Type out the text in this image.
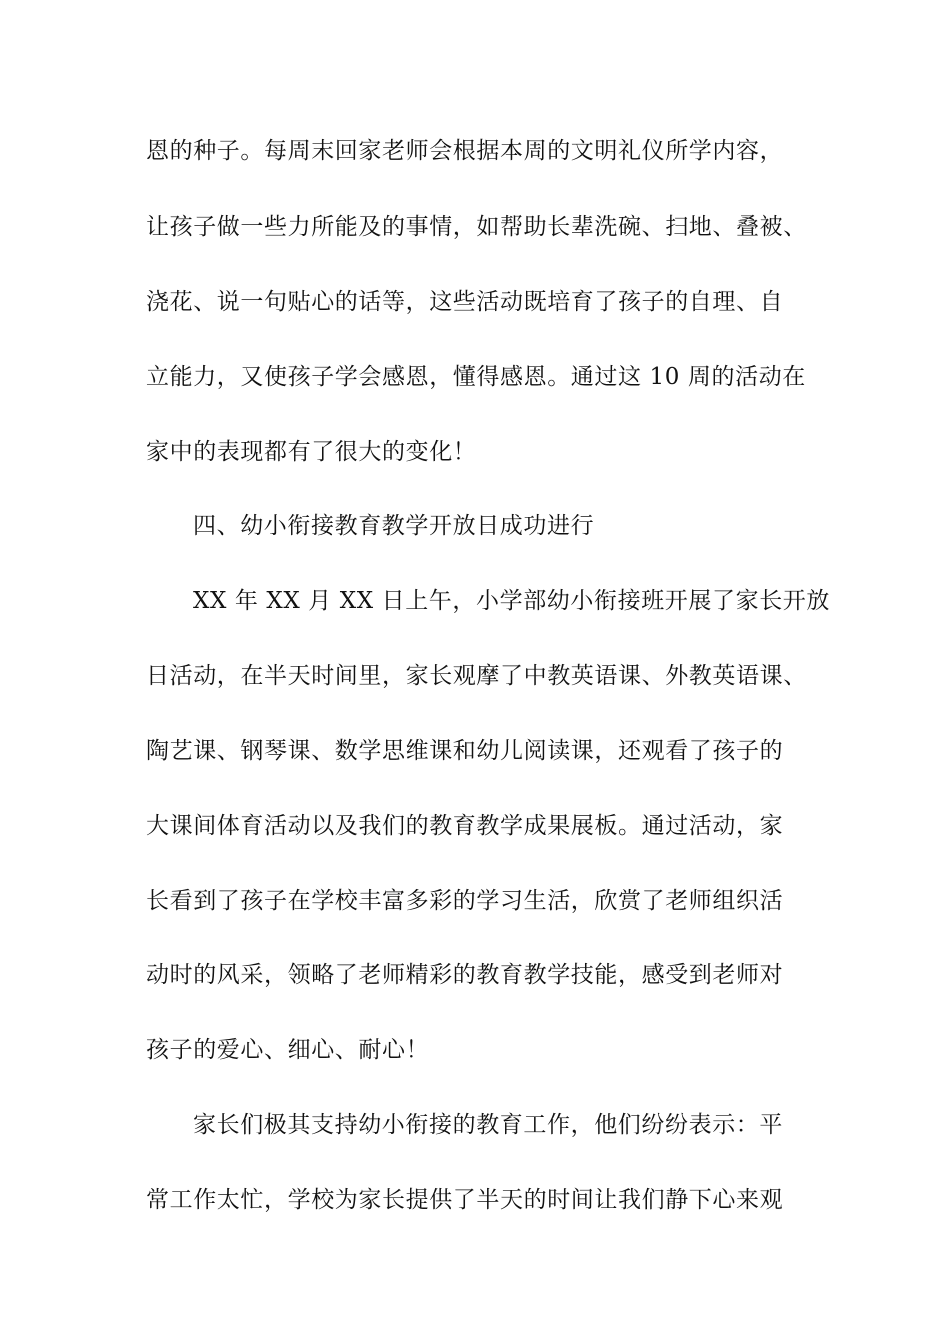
恩的种子。每周末回家老师会根据本周的文明礼仪所学内容，
让孩子做一些力所能及的事情，如帮助长辈洗碗、扫地、叠被、
浇花、说一句贴心的话等，这些活动既培育了孩子的自理、自
立能力，又使孩子学会感恩，懂得感恩。通过这 10 周的活动在
家中的表现都有了很大的变化！
四、幼小衔接教育教学开放日成功进行
XX 年 XX 月 XX 日上午，小学部幼小衔接班开展了家长开放
日活动，在半天时间里，家长观摩了中教英语课、外教英语课、
陶艺课、钢琴课、数学思维课和幼儿阅读课，还观看了孩子的
大课间体育活动以及我们的教育教学成果展板。通过活动，家
长看到了孩子在学校丰富多彩的学习生活，欣赏了老师组织活
动时的风采，领略了老师精彩的教育教学技能，感受到老师对
孩子的爱心、细心、耐心！
家长们极其支持幼小衔接的教育工作，他们纷纷表示：平
常工作太忙，学校为家长提供了半天的时间让我们静下心来观
